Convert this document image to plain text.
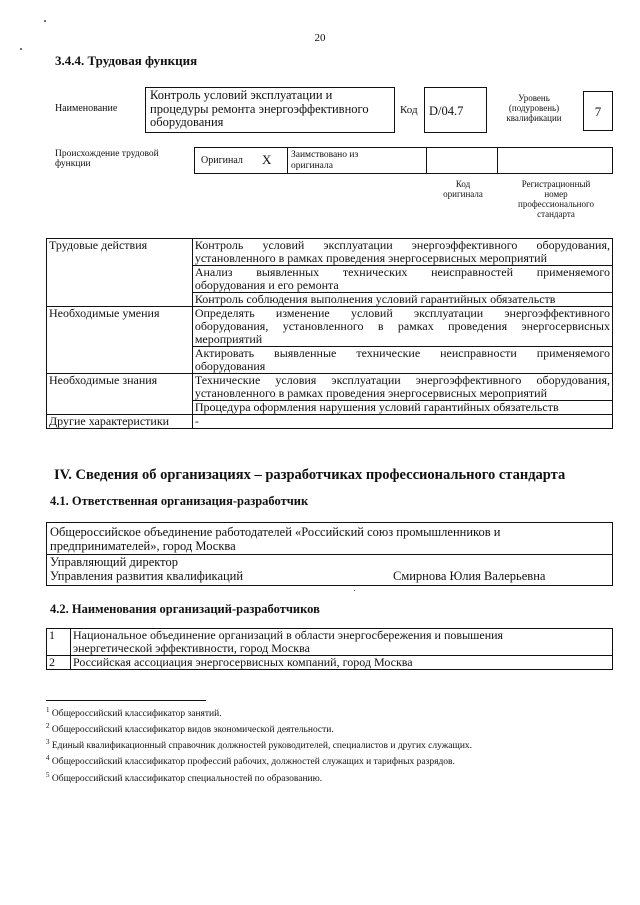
20
3.4.4. Трудовая функция
Наименование
Контроль условий эксплуатации и
процедуры ремонта энергоэффективного
оборудования
Код D/04.7
Уровень
(подуровень)
квалификации	7
Происхождение трудовой
функции	Оригинал X Заимствовано из
оригинала
Код
оригинала
Регистрационный
номер
профессионального
стандарта
Трудовые действия	Контроль условий эксплуатации энергоэффективного оборудования,
установленного в рамках проведения энергосервисных мероприятий

	Анализ выявленных технических неисправностей применяемого
оборудования и его ремонта

	Контроль соблюдения выполнения условий гарантийных обязательств

Необходимые умения	Определять изменение условий эксплуатации энергоэффективного
оборудования, установленного в рамках проведения энергосервисных
мероприятий

	Актировать выявленные технические неисправности применяемого
оборудования

Необходимые знания	Технические условия эксплуатации энергоэффективного оборудования,
установленного в рамках проведения энергосервисных мероприятий

	Процедура оформления нарушения условий гарантийных обязательств

Другие характеристики	-
IV. Сведения об организациях – разработчиках профессионального стандарта
4.1. Ответственная организация-разработчик
Общероссийское объединение работодателей «Российский союз промышленников и
предпринимателей», город Москва
Управляющий директор
Управления развития квалификаций	Смирнова Юлия Валерьевна
4.2. Наименования организаций-разработчиков
1	Национальное объединение организаций в области энергосбережения и повышения
энергетической эффективности, город Москва

2	Российская ассоциация энергосервисных компаний, город Москва
$^1$ Общероссийский классификатор занятий.
$^2$ Общероссийский классификатор видов экономической деятельности.
$^3$ Единый квалификационный справочник должностей руководителей, специалистов и других служащих.
$^4$ Общероссийский классификатор профессий рабочих, должностей служащих и тарифных разрядов.
$^5$ Общероссийский классификатор специальностей по образованию.
